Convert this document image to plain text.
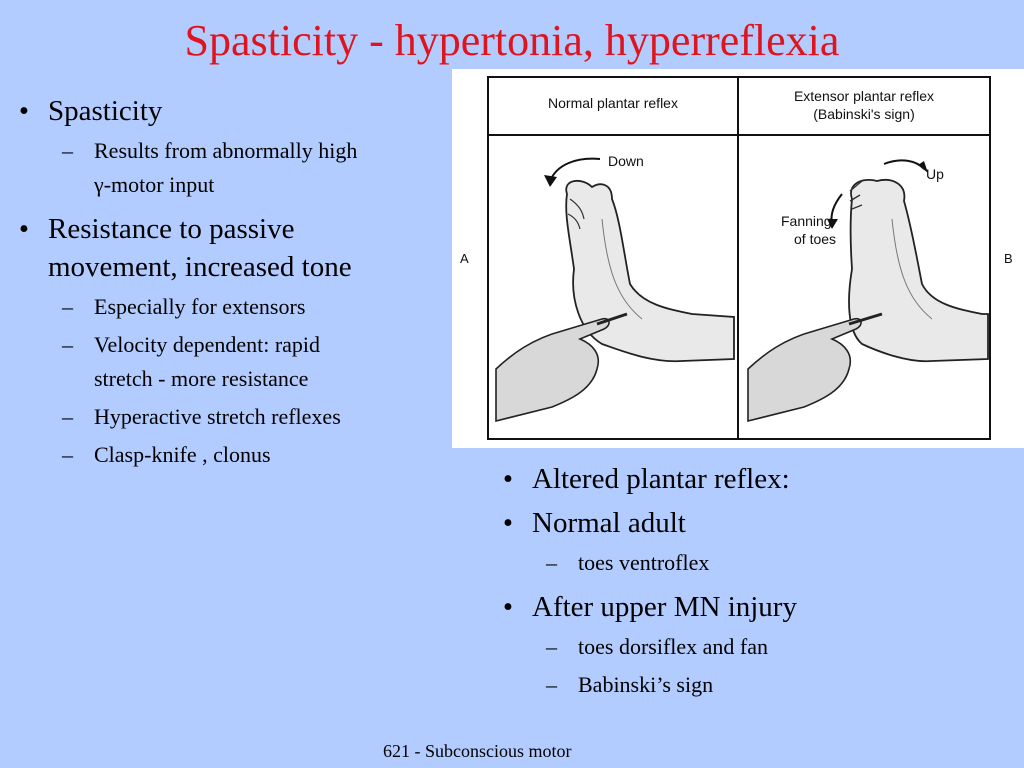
Spasticity - hypertonia, hyperreflexia
• Spasticity
– Results from abnormally high
γ-motor input
• Resistance to passive
movement, increased tone
– Especially for extensors
– Velocity dependent: rapid
stretch - more resistance
– Hyperactive stretch reflexes
– Clasp-knife , clonus
Normal plantar reflex	Extensor plantar reflex
(Babinski's sign)
A	B
Down
Up
Fanning
of toes
• Altered plantar reflex:
• Normal adult
– toes ventroflex
• After upper MN injury
– toes dorsiflex and fan
– Babinski’s sign
621 - Subconscious motor
